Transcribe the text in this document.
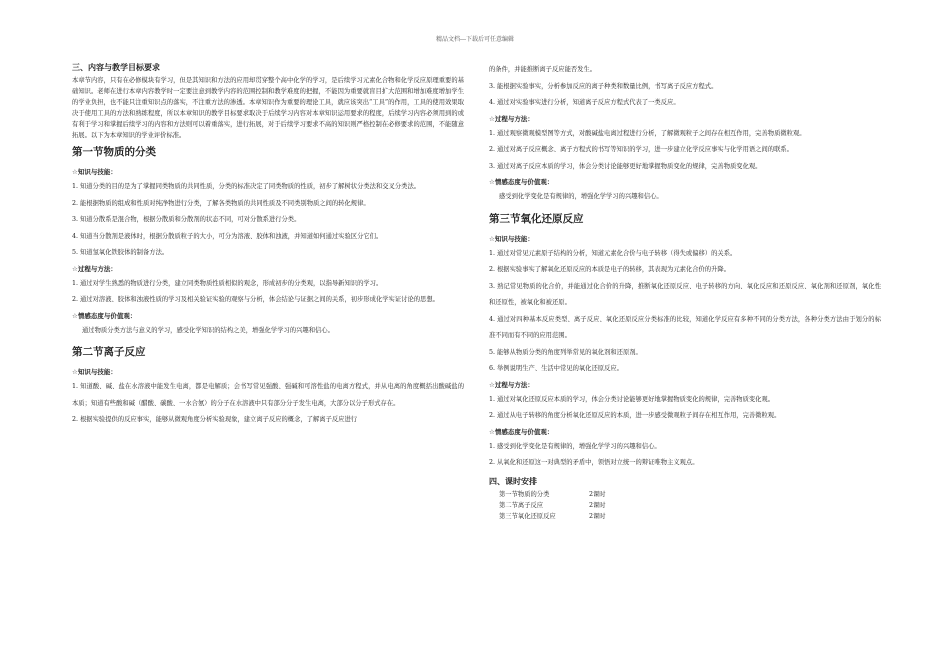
精品文档---下载后可任意编辑

三、内容与教学目标要求

本章节内容，只有在必修模块有学习，但是其知识和方法的应用却贯穿整个高中化学的学习，是后续学习元素化合物和化学反应原理重要的基础知识。老师在进行本章内容教学时一定要注意到教学内容的范围控制和教学难度的把握，不能因为重要就盲目扩大范围和增加难度增加学生的学业负担，也不能只注重知识点的落实，不注重方法的渗透。本章知识作为重要的理论工具，就应该突出“工具”的作用，工具的使用效果取决于使用工具的方法和熟练程度，所以本章知识的教学目标要求取决于后续学习内容对本章知识运用要求的程度，后续学习内容必须用到的或有利于学习和掌握后续学习的内容和方法则可以着重落实，进行拓展，对于后续学习要求不高的知识则严格控制在必修要求的范围，不能随意拓展。以下为本章知识的学业评价标准。

第一节物质的分类

☆知识与技能：

1. 知道分类的目的是为了掌握同类物质的共同性质，分类的标准决定了同类物质的性质，初步了解树状分类法和交叉分类法。

2. 能根据物质的组成和性质对纯净物进行分类，了解各类物质的共同性质及不同类别物质之间的转化规律。

3. 知道分散系是混合物，根据分散质和分散剂的状态不同，可对分散系进行分类。

4. 知道当分散剂是液体时，根据分散质粒子的大小，可分为溶液、胶体和浊液，并知道如何通过实验区分它们。

5. 知道氢氧化铁胶体的制备方法。

☆过程与方法：

1. 通过对学生熟悉的物质进行分类，建立同类物质性质相似的观念，形成初步的分类观，以指导新知识的学习。

2. 通过对溶液、胶体和浊液性质的学习及相关验证实验的观察与分析，体会结论与证据之间的关系，初步形成化学实证讨论的思想。

☆情感态度与价值观：

通过物质分类方法与意义的学习，感受化学知识的结构之美，增强化学学习的兴趣和信心。

第二节离子反应

☆知识与技能：

1. 知道酸、碱、盐在水溶液中能发生电离，都是电解质；会书写常见强酸、强碱和可溶性盐的电离方程式，并从电离的角度概括出酸碱盐的本质；知道有些酸和碱（醋酸、碳酸、一水合氨）的分子在水溶液中只有部分分子发生电离，大部分以分子形式存在。

2. 根据实验提供的反应事实，能够从微观角度分析实验现象，建立离子反应的概念，了解离子反应进行

的条件，并能推断离子反应能否发生。

3. 能根据实验事实，分析参加反应的离子种类和数量比例，书写离子反应方程式。

4. 通过对实验事实进行分析，知道离子反应方程式代表了一类反应。

☆过程与方法：

1. 通过观察微观模型图等方式，对酸碱盐电离过程进行分析，了解微观粒子之间存在相互作用，完善物质微粒观。

2. 通过对离子反应概念、离子方程式的书写等知识的学习，进一步建立化学反应事实与化学用语之间的联系。

3. 通过对离子反应本质的学习，体会分类讨论能够更好地掌握物质变化的规律，完善物质变化观。

☆情感态度与价值观：

感受到化学变化是有规律的，增强化学学习的兴趣和信心。

第三节氧化还原反应

☆知识与技能：

1. 通过对常见元素原子结构的分析，知道元素化合价与电子转移（得失或偏移）的关系。

2. 根据实验事实了解氧化还原反应的本质是电子的转移，其表现为元素化合价的升降。

3. 熟记常见物质的化合价，并能通过化合价的升降，推断氧化还原反应、电子转移的方向、氧化反应和还原反应、氧化剂和还原剂，氧化性和还原性，被氧化和被还原。

4. 通过对四种基本反应类型、离子反应、氧化还原反应分类标准的比较，知道化学反应有多种不同的分类方法，各种分类方法由于划分的标准不同而有不同的应用范围。

5. 能够从物质分类的角度列举常见的氧化剂和还原剂。

6. 举例说明生产、生活中常见的氧化还原反应。

☆过程与方法：

1. 通过对氧化还原反应本质的学习，体会分类讨论能够更好地掌握物质变化的规律，完善物质变化观。

2. 通过从电子转移的角度分析氧化还原反应的本质，进一步感受微观粒子间存在相互作用，完善微粒观。

☆情感态度与价值观：

1. 感受到化学变化是有规律的，增强化学学习的兴趣和信心。

2. 从氧化和还原这一对典型的矛盾中，领悟对立统一的辩证唯物主义观点。

四、课时安排

第一节物质的分类	2课时
第二节离子反应	2课时
第三节氧化还原反应	2课时
